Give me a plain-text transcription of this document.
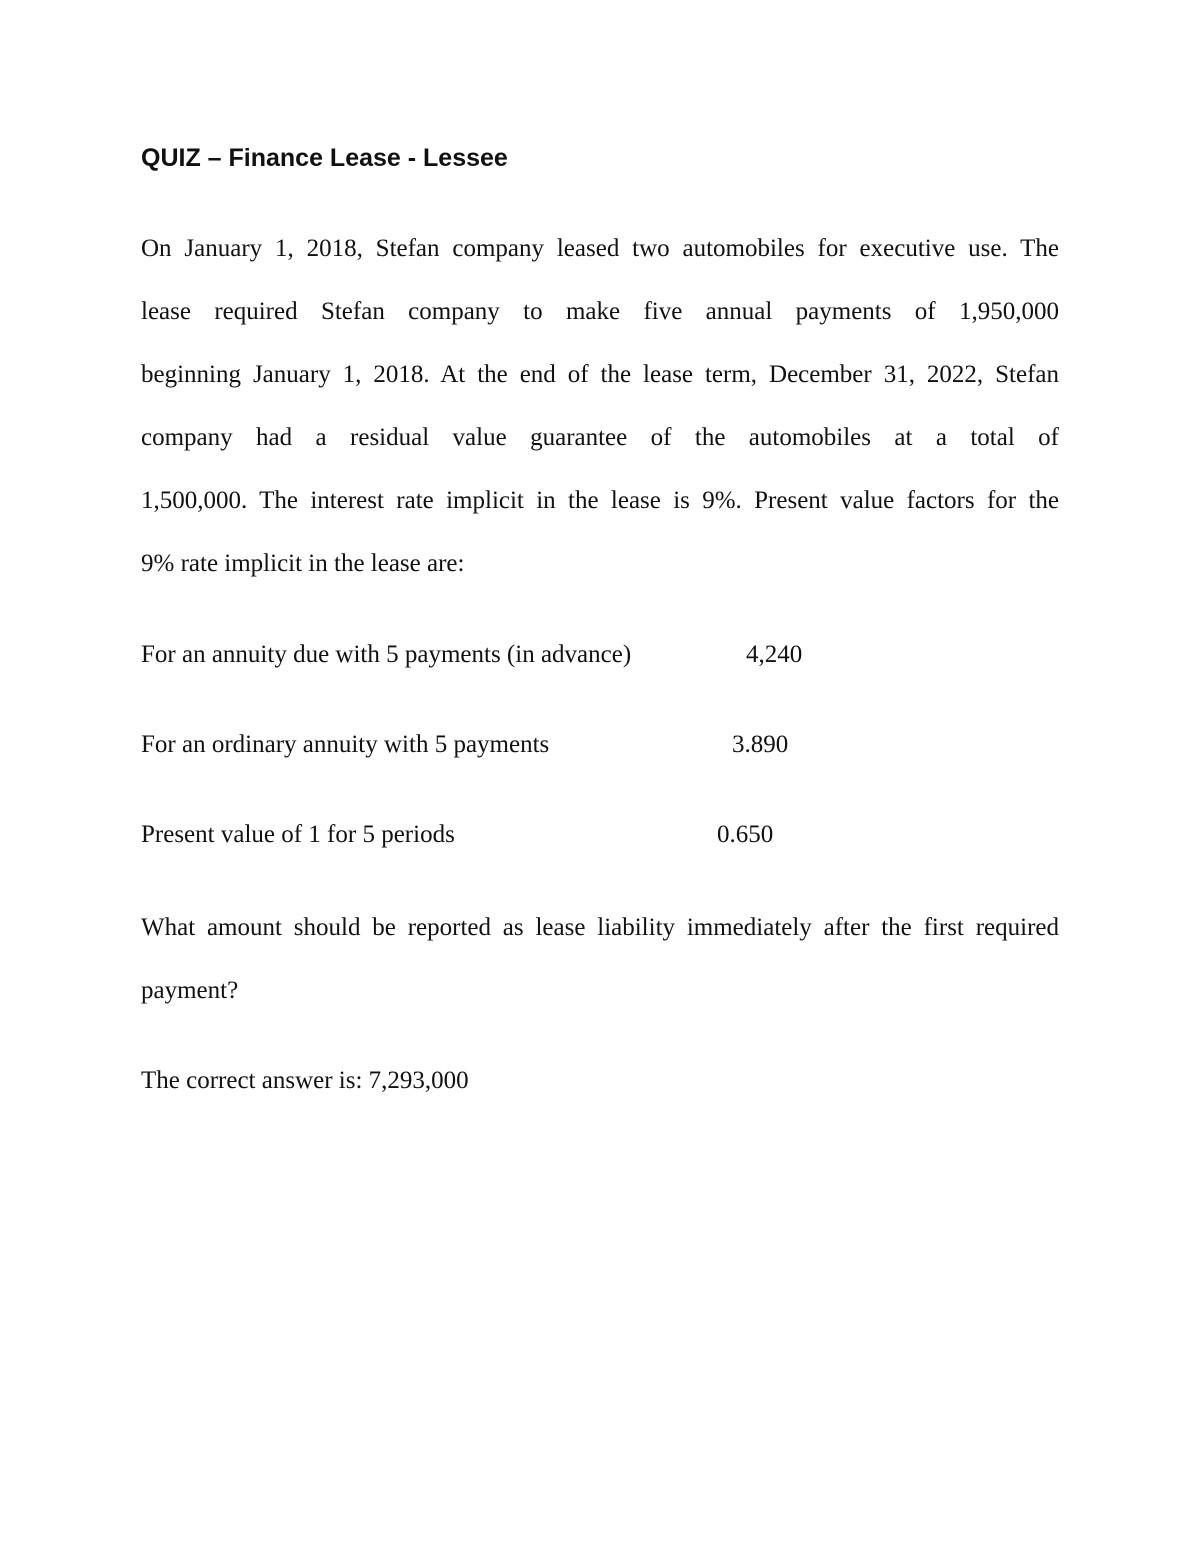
QUIZ – Finance Lease - Lessee
On January 1, 2018, Stefan company leased two automobiles for executive use. The
lease required Stefan company to make five annual payments of 1,950,000
beginning January 1, 2018. At the end of the lease term, December 31, 2022, Stefan
company had a residual value guarantee of the automobiles at a total of
1,500,000. The interest rate implicit in the lease is 9%. Present value factors for the
9% rate implicit in the lease are:
For an annuity due with 5 payments (in advance)	4,240
For an ordinary annuity with 5 payments	3.890
Present value of 1 for 5 periods	0.650
What amount should be reported as lease liability immediately after the first required
payment?
The correct answer is: 7,293,000
